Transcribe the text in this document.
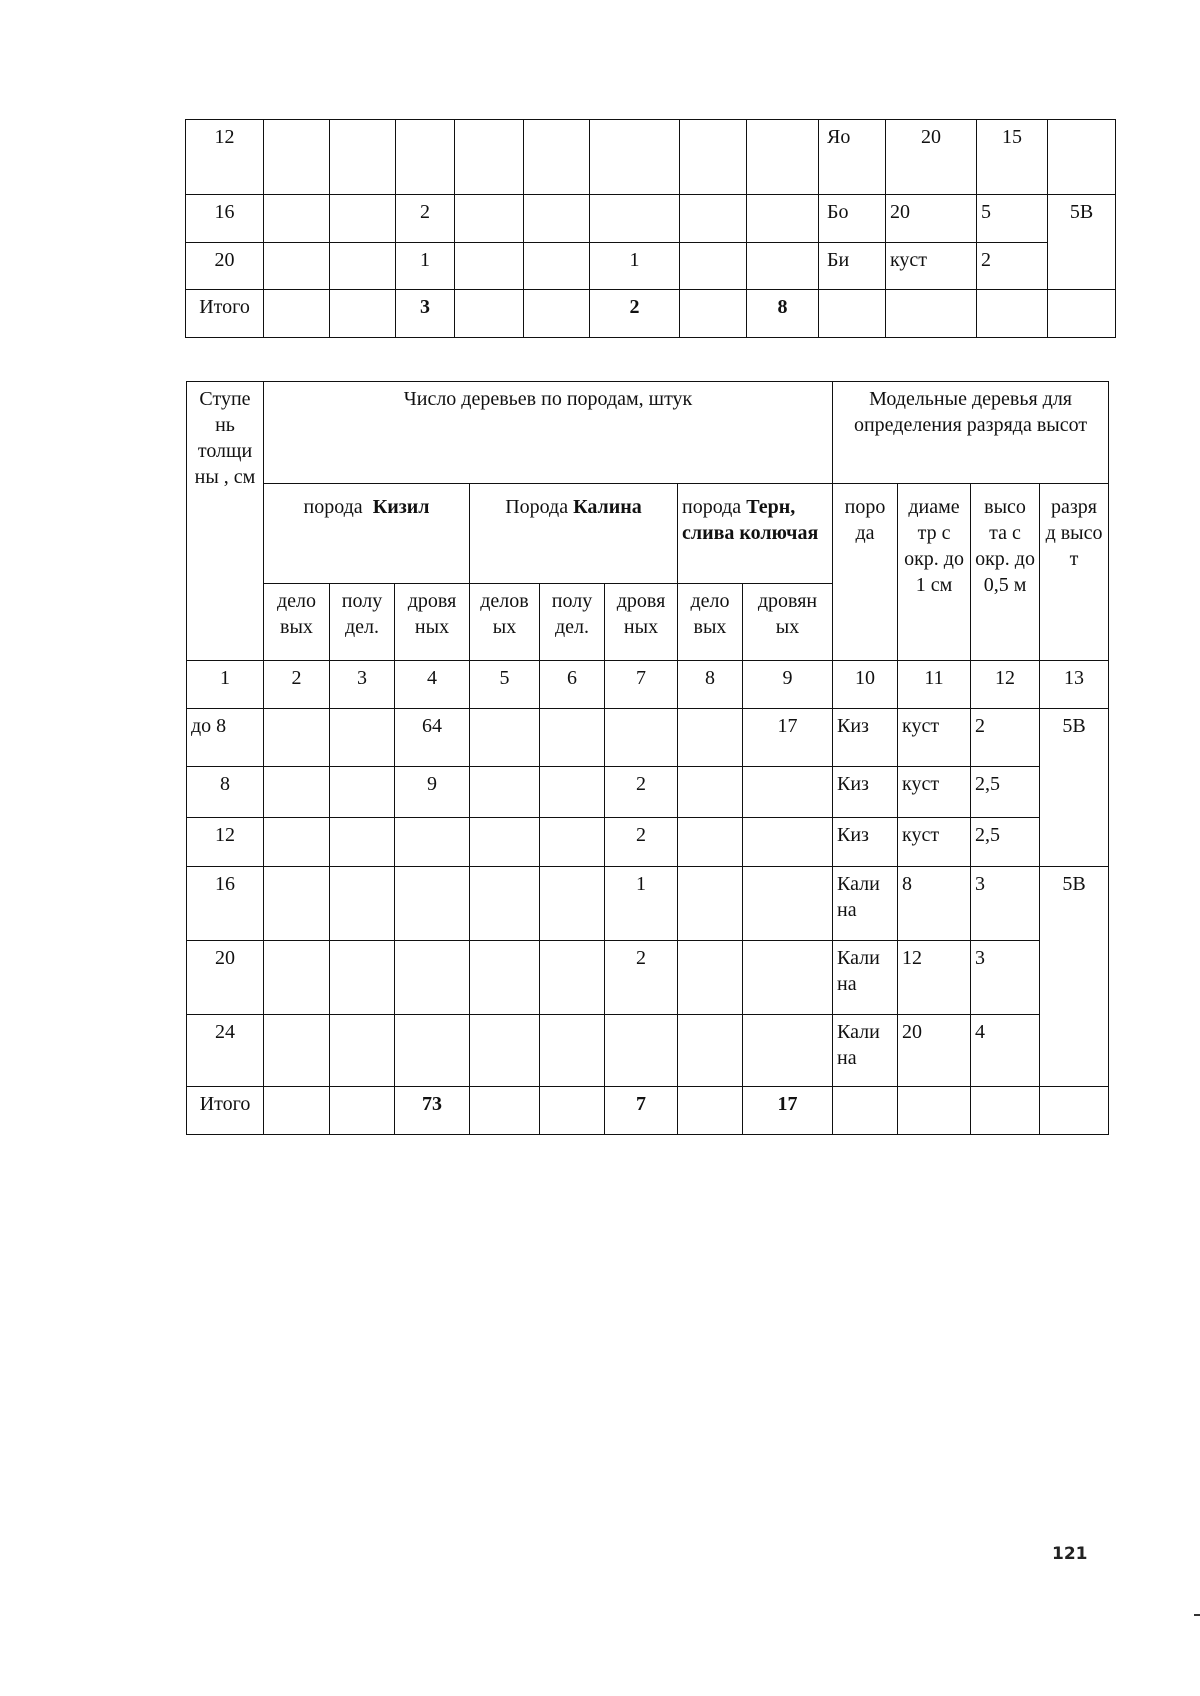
12									Яо	20	15	
16			2						Бо	20	5	5В
20			1			1			Би	куст	2	
Итого			3			2		8				
Ступе нь толщи ны , см	Число деревьев по породам, штук								Модельные деревья для определения разряда высот			
	порода Кизил			Порода Калина			порода Терн, слива колючая		поро да	диаме тр с окр. до 1 см	высо та с окр. до 0,5 м	разря д высо т
	дело вых	полу дел.	дровя ных	делов ых	полу дел.	дровя ных	дело вых	дровян ых				
1	2	3	4	5	6	7	8	9	10	11	12	13
до 8			64					17	Киз	куст	2	5В
8			9			2			Киз	куст	2,5	
12						2			Киз	куст	2,5	
16						1			Кали на	8	3	5В
20						2			Кали на	12	3	
24									Кали на	20	4	
Итого			73			7		17				
121
